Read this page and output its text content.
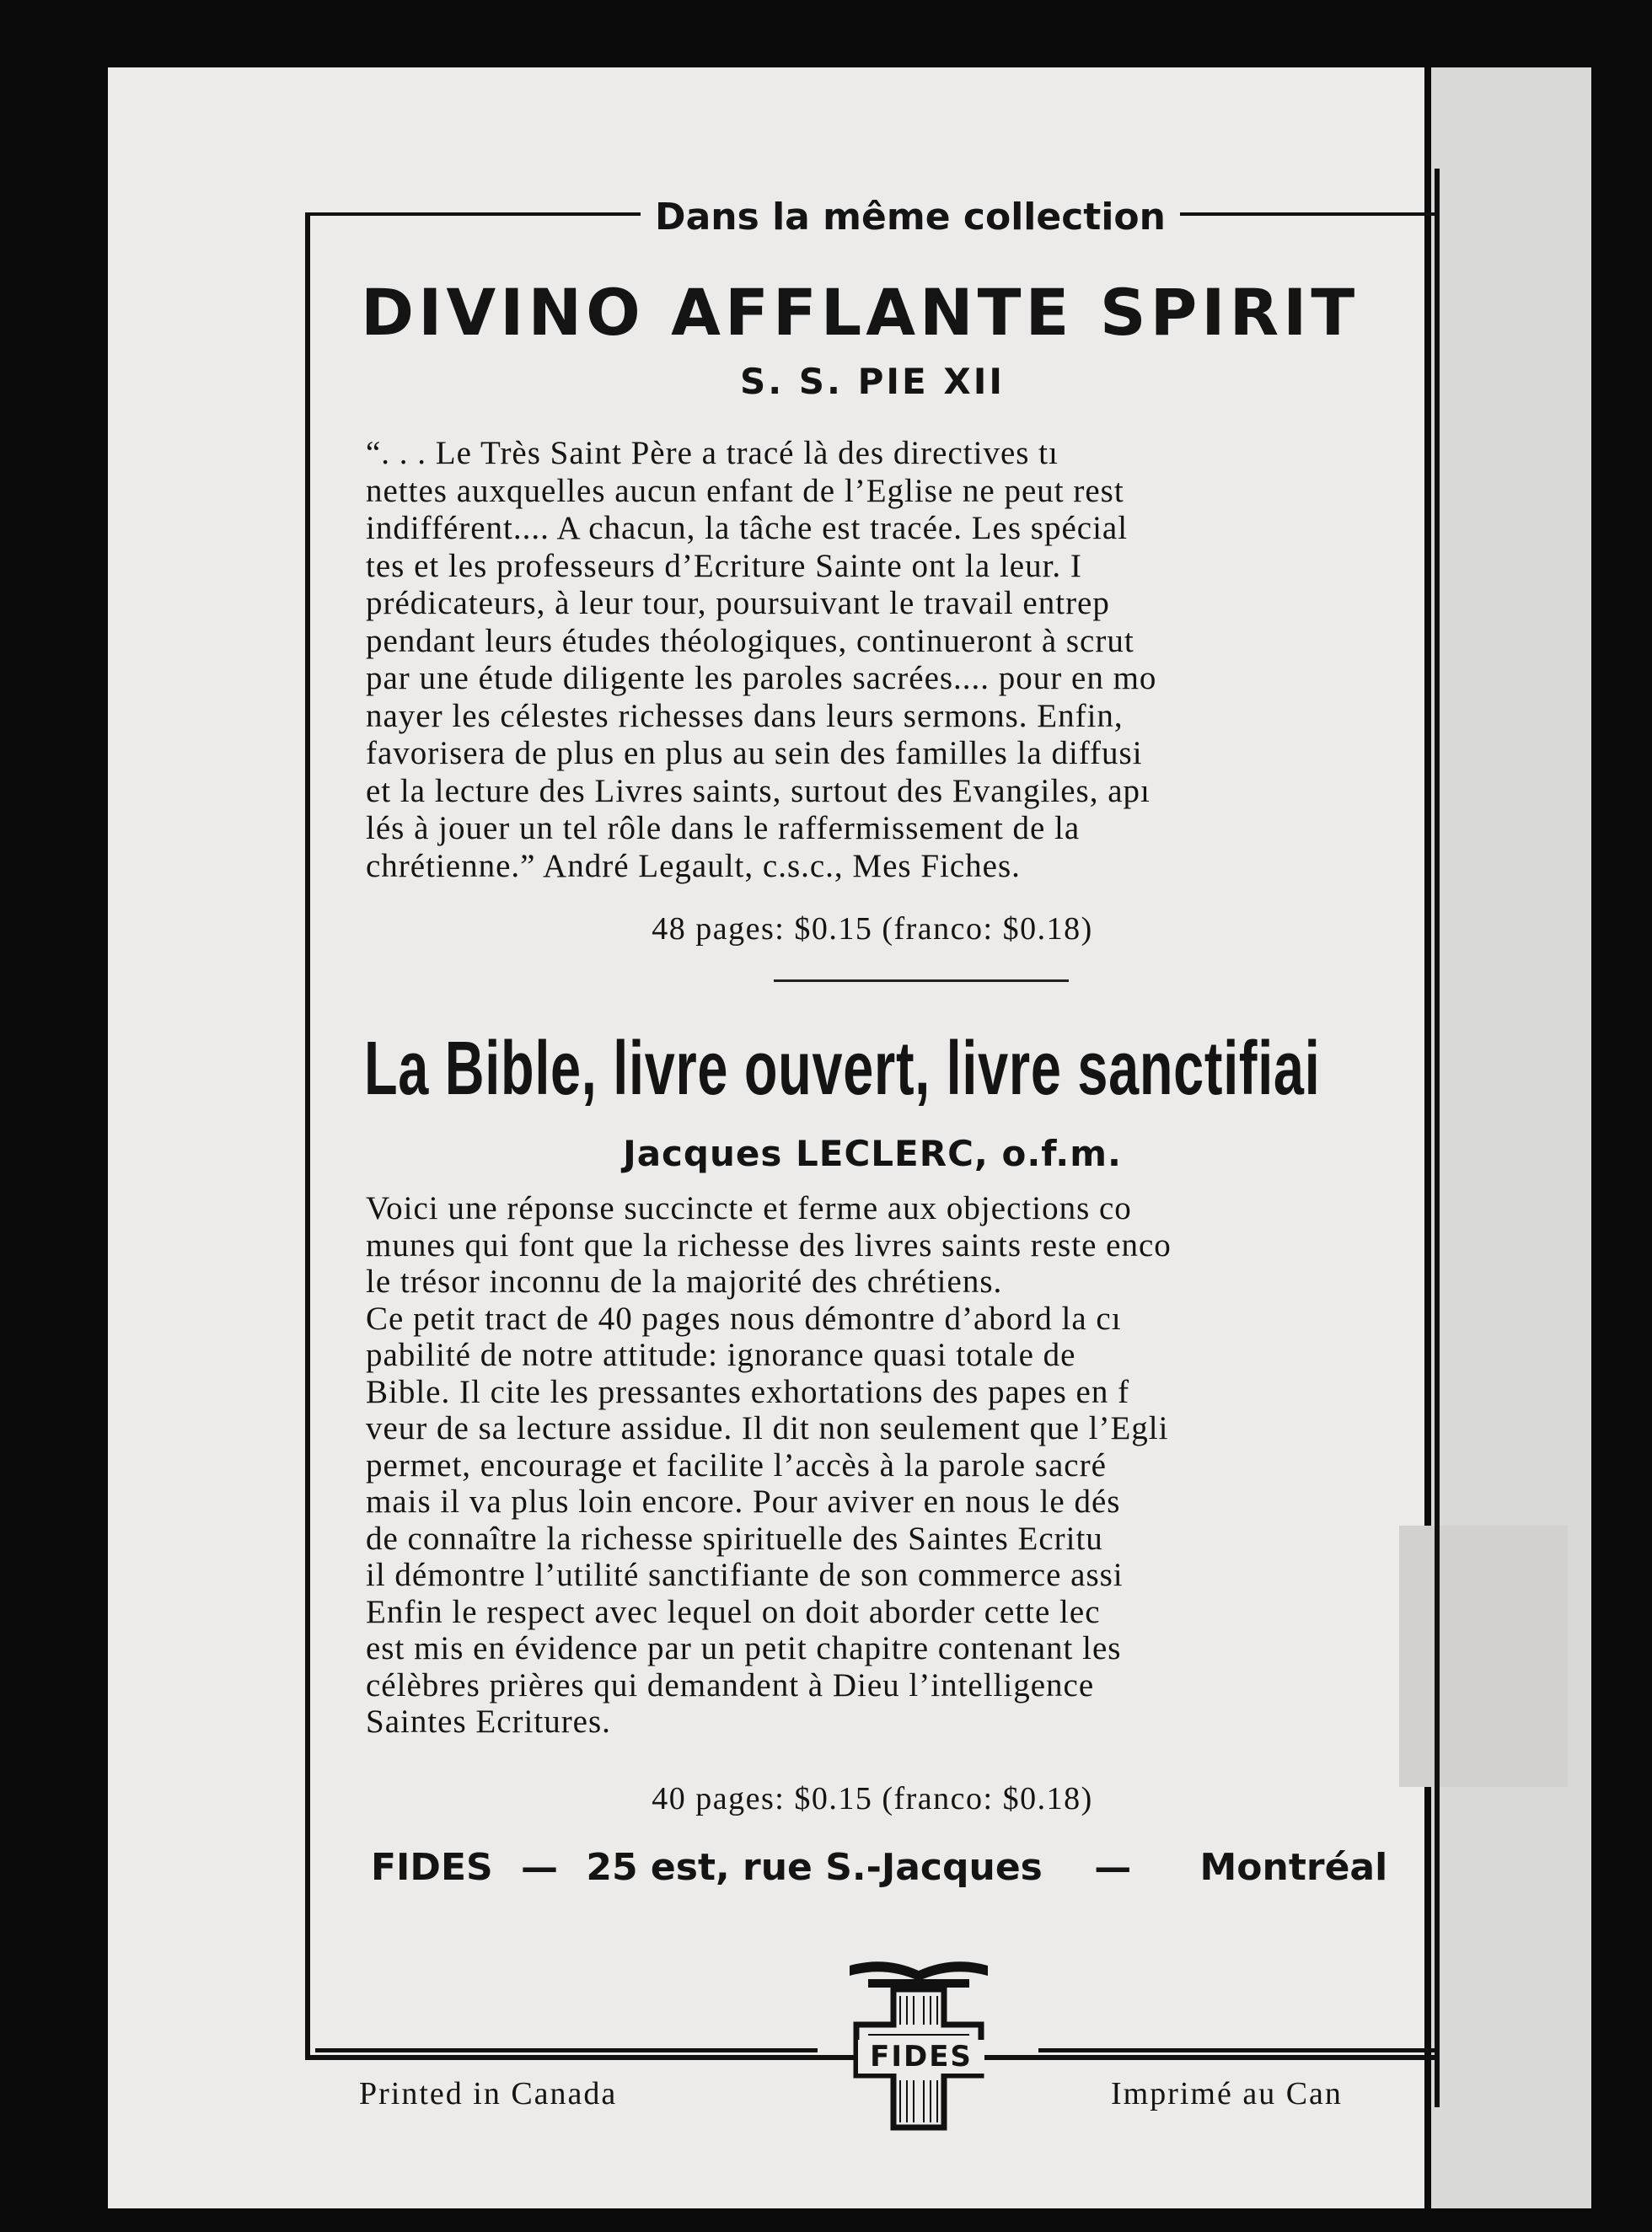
Dans la même collection
DIVINO AFFLANTE SPIRIT
S. S. PIE XII
“. . . Le Très Saint Père a tracé là des directives tı
nettes auxquelles aucun enfant de l’Eglise ne peut rest
indifférent.... A chacun, la tâche est tracée. Les spécial
tes et les professeurs d’Ecriture Sainte ont la leur. I
prédicateurs, à leur tour, poursuivant le travail entrep
pendant leurs études théologiques, continueront à scrut
par une étude diligente les paroles sacrées.... pour en mo
nayer les célestes richesses dans leurs sermons. Enfin,
favorisera de plus en plus au sein des familles la diffusi
et la lecture des Livres saints, surtout des Evangiles, apı
lés à jouer un tel rôle dans le raffermissement de la
chrétienne.” André Legault, c.s.c., Mes Fiches.
48 pages: $0.15 (franco: $0.18)
La Bible, livre ouvert, livre sanctifiai
Jacques LECLERC, o.f.m.
Voici une réponse succincte et ferme aux objections co
munes qui font que la richesse des livres saints reste enco
le trésor inconnu de la majorité des chrétiens.
Ce petit tract de 40 pages nous démontre d’abord la cı
pabilité de notre attitude: ignorance quasi totale de
Bible. Il cite les pressantes exhortations des papes en f
veur de sa lecture assidue. Il dit non seulement que l’Egli
permet, encourage et facilite l’accès à la parole sacré
mais il va plus loin encore. Pour aviver en nous le dés
de connaître la richesse spirituelle des Saintes Ecritu
il démontre l’utilité sanctifiante de son commerce assi
Enfin le respect avec lequel on doit aborder cette lec
est mis en évidence par un petit chapitre contenant les
célèbres prières qui demandent à Dieu l’intelligence
Saintes Ecritures.
40 pages: $0.15 (franco: $0.18)
FIDES — 25 est, rue S.-Jacques — Montréal
FIDES
Printed in Canada	Imprimé au Can
